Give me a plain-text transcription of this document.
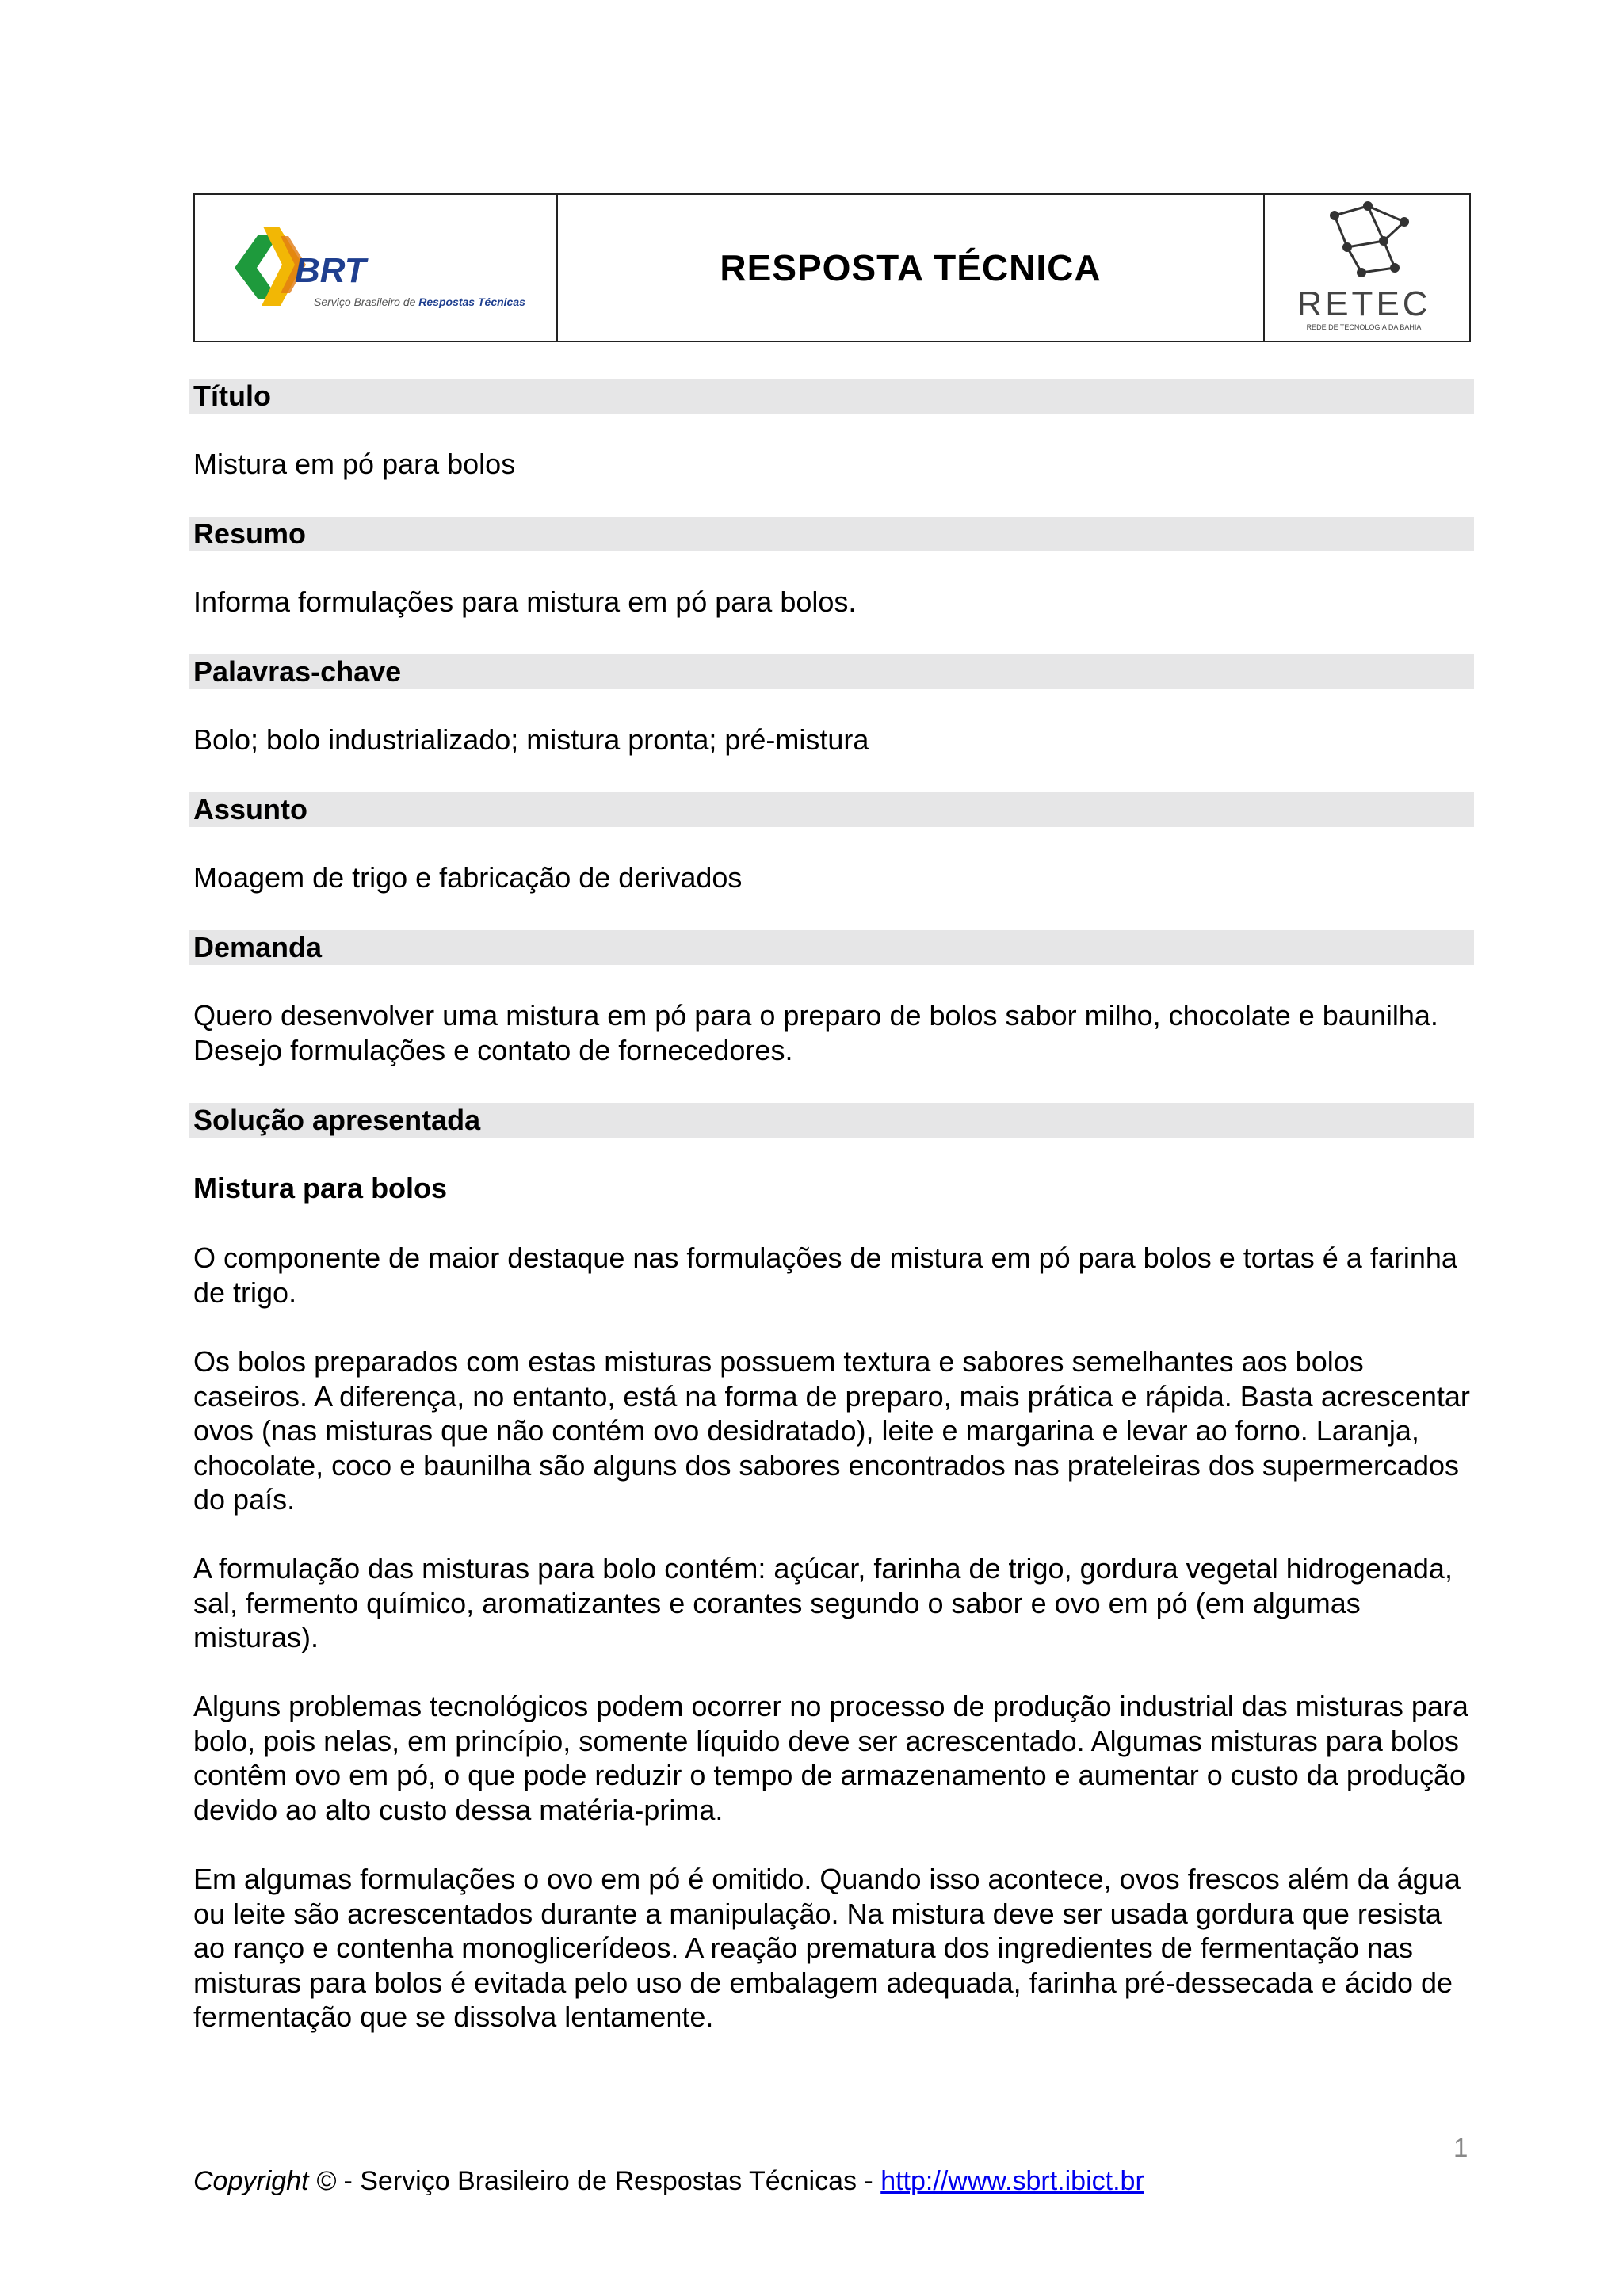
BRT
Serviço Brasileiro de Respostas Técnicas
RESPOSTA TÉCNICA
RETEC
REDE DE TECNOLOGIA DA BAHIA
Título
Mistura em pó para bolos
Resumo
Informa formulações para mistura em pó para bolos.
Palavras-chave
Bolo; bolo industrializado; mistura pronta; pré-mistura
Assunto
Moagem de trigo e fabricação de derivados
Demanda
Quero desenvolver uma mistura em pó para o preparo de bolos sabor milho, chocolate e baunilha. Desejo formulações e contato de fornecedores.
Solução apresentada
Mistura para bolos
O componente de maior destaque nas formulações de mistura em pó para bolos e tortas é a farinha de trigo.
Os bolos preparados com estas misturas possuem textura e sabores semelhantes aos bolos caseiros. A diferença, no entanto, está na forma de preparo, mais prática e rápida. Basta acrescentar ovos (nas misturas que não contém ovo desidratado), leite e margarina e levar ao forno. Laranja, chocolate, coco e baunilha são alguns dos sabores encontrados nas prateleiras dos supermercados do país.
A formulação das misturas para bolo contém: açúcar, farinha de trigo, gordura vegetal hidrogenada, sal, fermento químico, aromatizantes e corantes segundo o sabor e ovo em pó (em algumas misturas).
Alguns problemas tecnológicos podem ocorrer no processo de produção industrial das misturas para bolo, pois nelas, em princípio, somente líquido deve ser acrescentado. Algumas misturas para bolos contêm ovo em pó, o que pode reduzir o tempo de armazenamento e aumentar o custo da produção devido ao alto custo dessa matéria-prima.
Em algumas formulações o ovo em pó é omitido. Quando isso acontece, ovos frescos além da água ou leite são acrescentados durante a manipulação. Na mistura deve ser usada gordura que resista ao ranço e contenha monoglicerídeos. A reação prematura dos ingredientes de fermentação nas misturas para bolos é evitada pelo uso de embalagem adequada, farinha pré-dessecada e ácido de fermentação que se dissolva lentamente.
1
Copyright © - Serviço Brasileiro de Respostas Técnicas - http://www.sbrt.ibict.br
